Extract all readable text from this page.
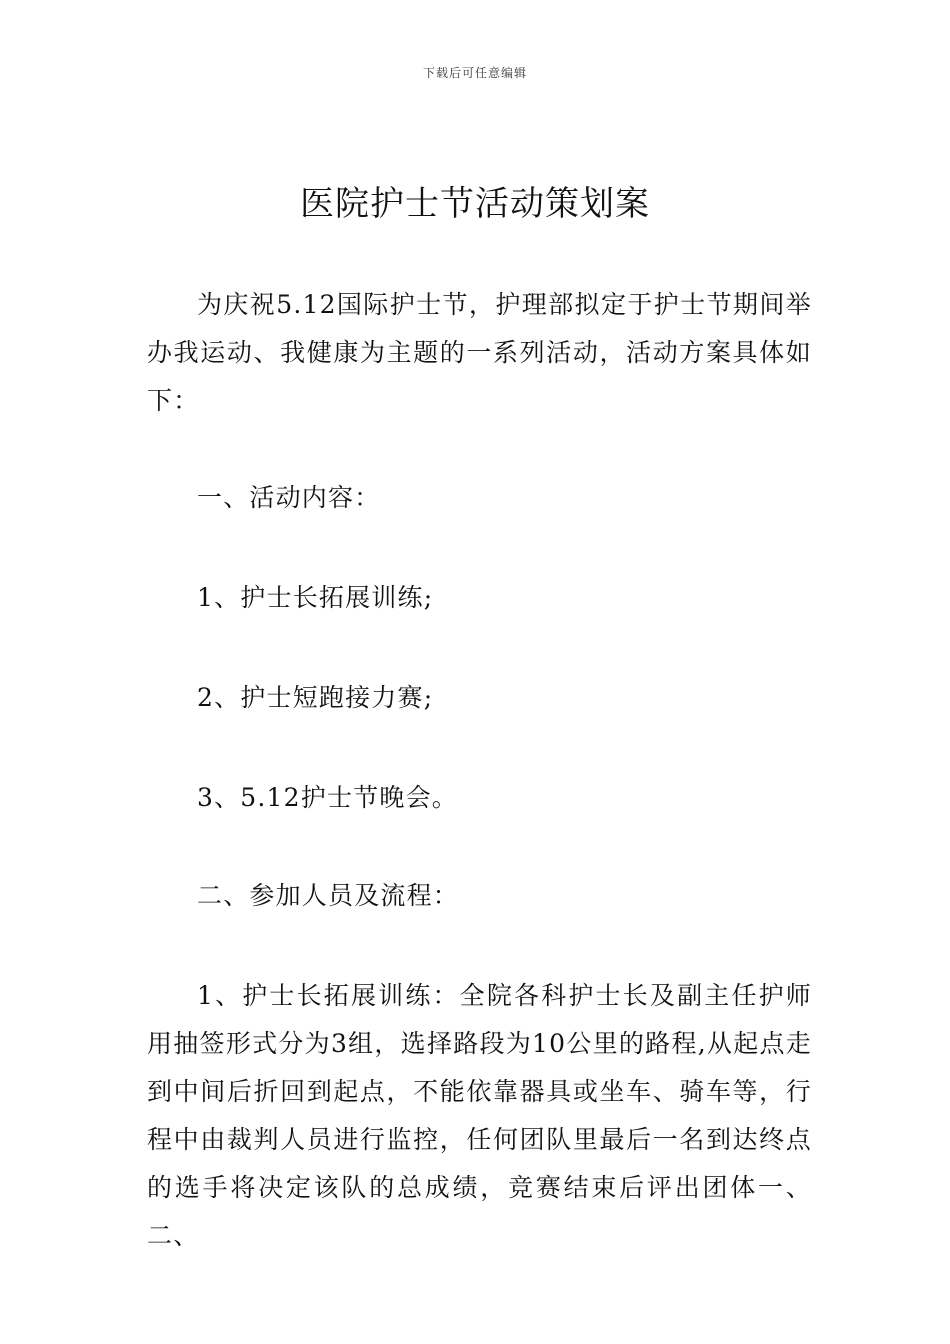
下载后可任意编辑
医院护士节活动策划案

为庆祝5.12国际护士节，护理部拟定于护士节期间举办我运动、我健康为主题的一系列活动，活动方案具体如下：

一、活动内容：

1、护士长拓展训练;

2、护士短跑接力赛;

3、5.12护士节晚会。

二、参加人员及流程：

1、护士长拓展训练：全院各科护士长及副主任护师用抽签形式分为3组，选择路段为10公里的路程,从起点走到中间后折回到起点，不能依靠器具或坐车、骑车等，行程中由裁判人员进行监控，任何团队里最后一名到达终点的选手将决定该队的总成绩，竞赛结束后评出团体一、二、
